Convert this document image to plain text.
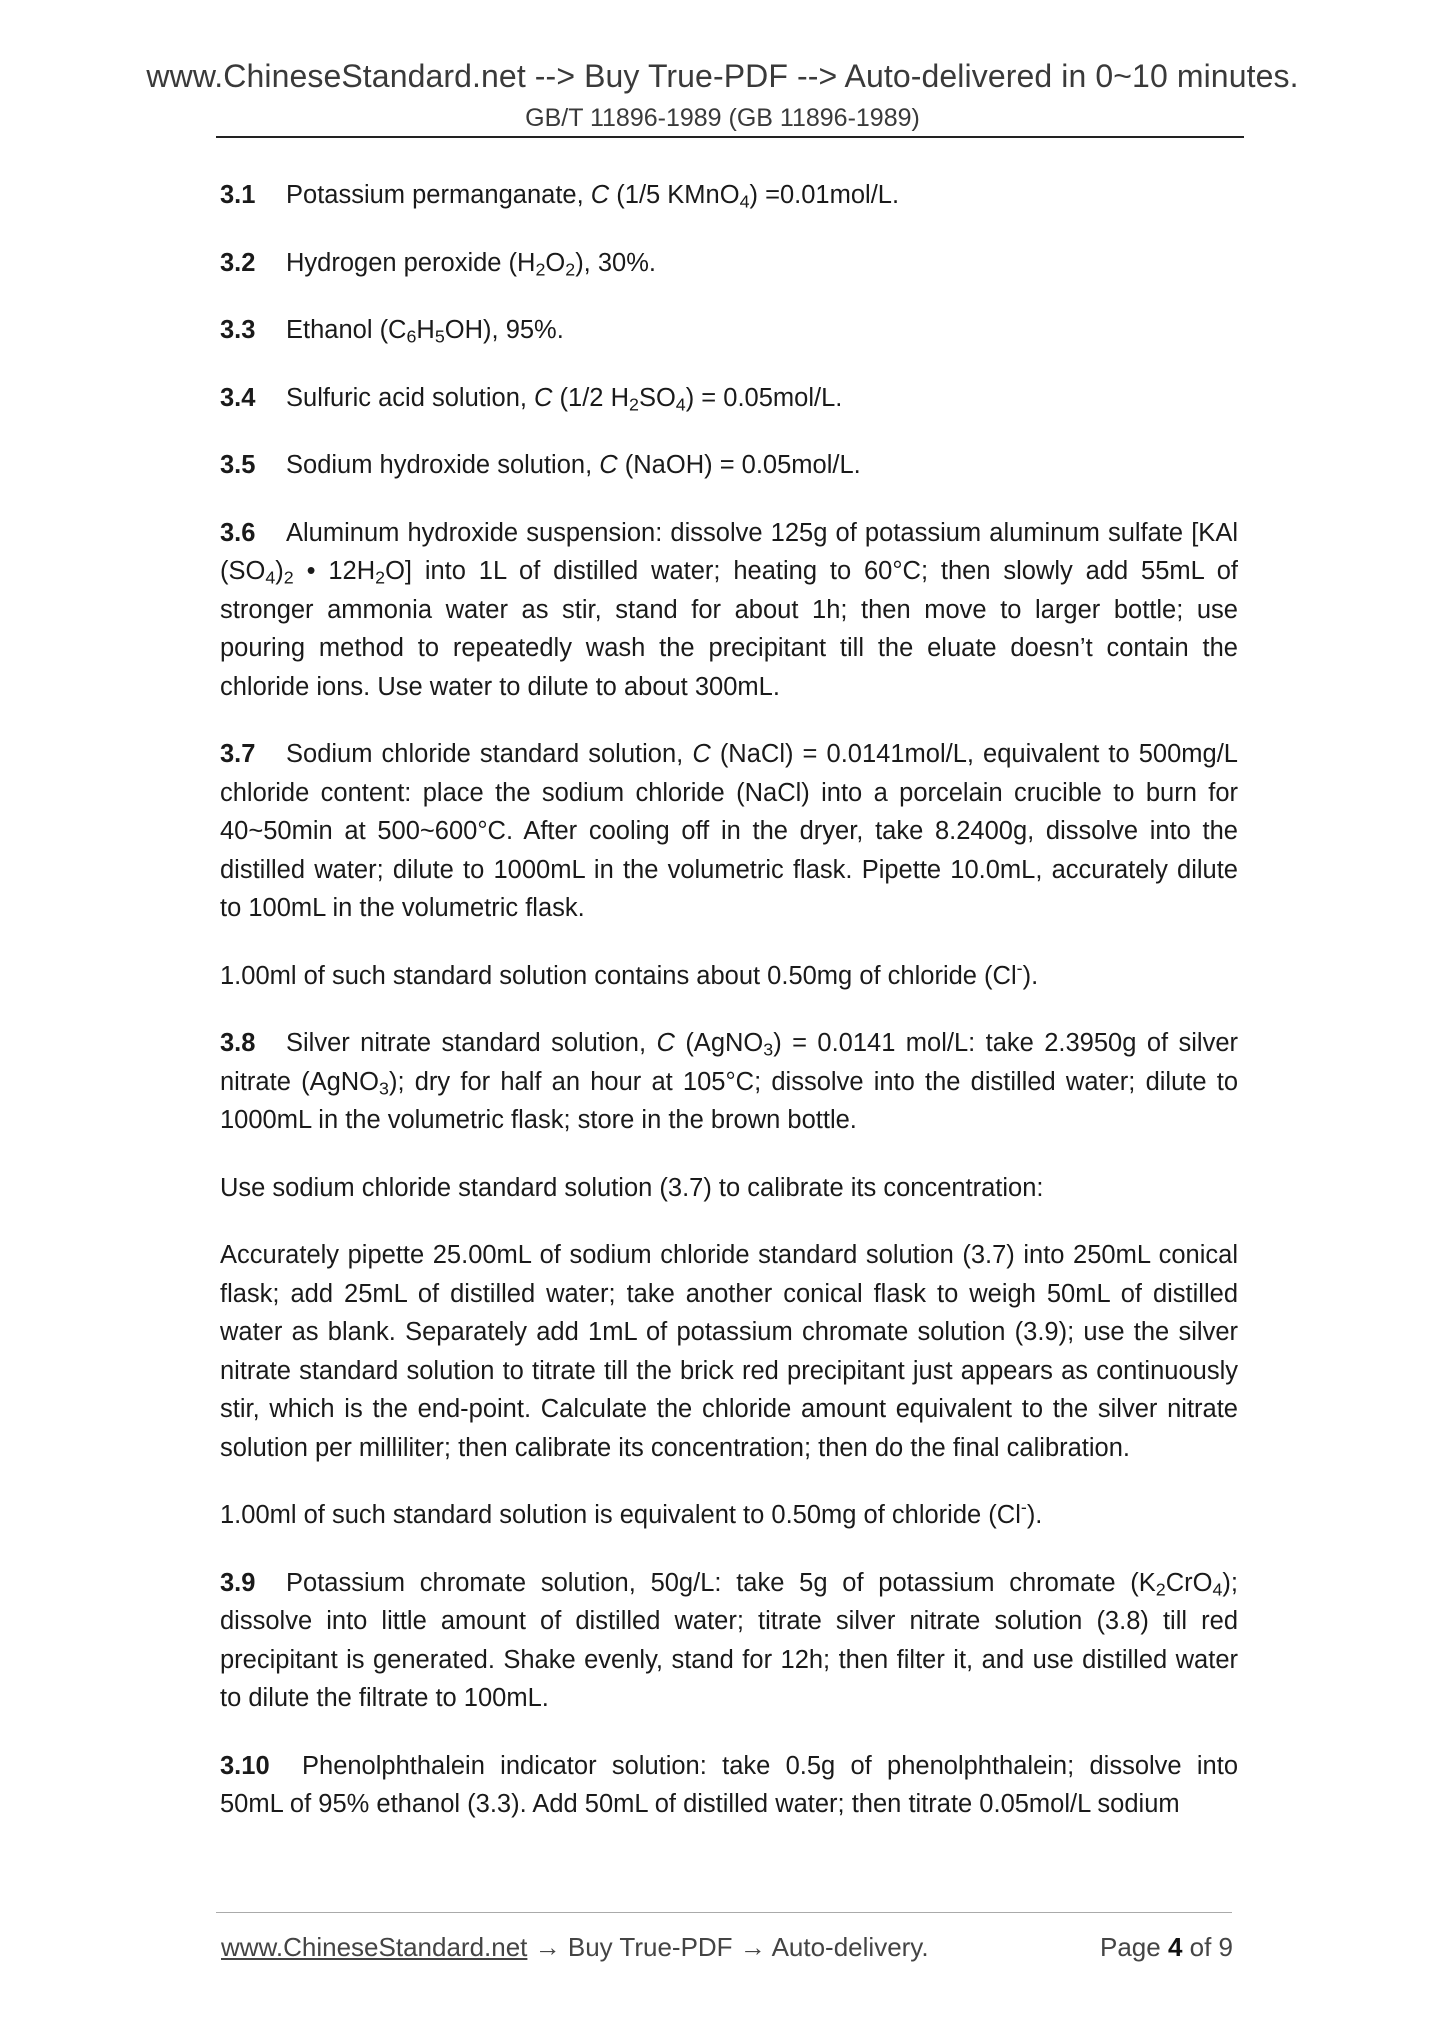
www.ChineseStandard.net --> Buy True-PDF --> Auto-delivered in 0~10 minutes.
GB/T 11896-1989 (GB 11896-1989)

3.1 Potassium permanganate, C (1/5 KMnO$_4$) =0.01mol/L.

3.2 Hydrogen peroxide $(H_2O_2)$, 30%.

3.3 Ethanol $(C_6H_5OH)$, 95%.

3.4 Sulfuric acid solution, C (1/2 $H_2SO_4) = 0.05mol/L$.

3.5 Sodium hydroxide solution, C (NaOH) = 0.05mol/L.

3.6 Aluminum hydroxide suspension: dissolve 125g of potassium aluminum sulfate [KAl $(SO_4)_2$ • $12H_2O$] into 1L of distilled water; heating to 60°C; then slowly add 55mL of stronger ammonia water as stir, stand for about 1h; then move to larger bottle; use pouring method to repeatedly wash the precipitant till the eluate doesn’t contain the chloride ions. Use water to dilute to about 300mL.

3.7 Sodium chloride standard solution, C (NaCl) = 0.0141mol/L, equivalent to 500mg/L chloride content: place the sodium chloride (NaCl) into a porcelain crucible to burn for 40~50min at 500~600°C. After cooling off in the dryer, take 8.2400g, dissolve into the distilled water; dilute to 1000mL in the volumetric flask. Pipette 10.0mL, accurately dilute to 100mL in the volumetric flask.

1.00ml of such standard solution contains about 0.50mg of chloride (Cl-).

3.8 Silver nitrate standard solution, C (AgNO$_3$) = 0.0141 mol/L: take 2.3950g of silver nitrate (AgNO$_3$); dry for half an hour at 105°C; dissolve into the distilled water; dilute to 1000mL in the volumetric flask; store in the brown bottle.

Use sodium chloride standard solution (3.7) to calibrate its concentration:

Accurately pipette 25.00mL of sodium chloride standard solution (3.7) into 250mL conical flask; add 25mL of distilled water; take another conical flask to weigh 50mL of distilled water as blank. Separately add 1mL of potassium chromate solution (3.9); use the silver nitrate standard solution to titrate till the brick red precipitant just appears as continuously stir, which is the end-point. Calculate the chloride amount equivalent to the silver nitrate solution per milliliter; then calibrate its concentration; then do the final calibration.

1.00ml of such standard solution is equivalent to 0.50mg of chloride (Cl-).

3.9 Potassium chromate solution, 50g/L: take 5g of potassium chromate $(K_2CrO_4)$; dissolve into little amount of distilled water; titrate silver nitrate solution (3.8) till red precipitant is generated. Shake evenly, stand for 12h; then filter it, and use distilled water to dilute the filtrate to 100mL.

3.10 Phenolphthalein indicator solution: take 0.5g of phenolphthalein; dissolve into 50mL of 95% ethanol (3.3). Add 50mL of distilled water; then titrate 0.05mol/L sodium

www.ChineseStandard.net → Buy True-PDF → Auto-delivery.	Page 4 of 9
